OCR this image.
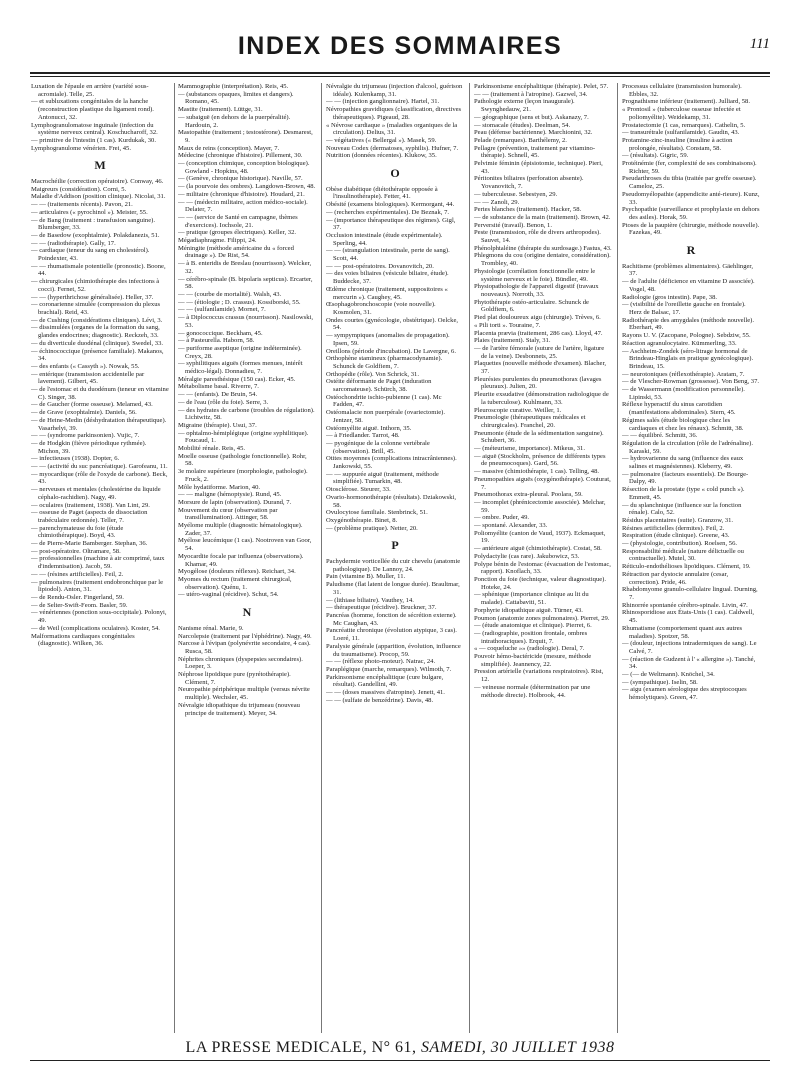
INDEX DES SOMMAIRES	111

Luxation de l'épaule en arrière (variété sous-acromiale). Telle, 25.

— et subluxations congénitales de la hanche (reconstruction plastique du ligament rond). Antonucci, 32.

Lymphogranulomatose inguinale (infection du système nerveux central). Koschucharoff, 32.

— primitive de l'intestin (1 cas). Kurdukak, 30.

Lymphogranulome vénérien. Frei, 45.

M

Macrochéilie (correction opératoire). Conway, 46.

Maigreurs (considération). Corni, 5.

Maladie d'Addison (position clinique). Nicolai, 31.

— — (traitements récents). Pavon, 21.

— articulaires (« pyrochinol »). Meister, 55.

— de Bang (traitement : transfusion sanguine). Blumberger, 33.

— de Basedow (exophtalmie). Polakdanezis, 51.

— — (radiothérapie). Gally, 17.

— cardiaque (teneur du sang en cholestérol). Poindexter, 43.

— — rhumatismale potentielle (pronostic). Boone, 44.

— chirurgicales (chimiothérapie des infections à cocci). Fernet, 52.

— — (hyperthrichose généralisée). Heller, 37.

— coronarienne simulée (compression du plexus brachial). Reid, 43.

— de Cushing (considérations cliniques). Lévi, 3.

— dissimulées (organes de la formation du sang, glandes endocrines; diagnostic). Reckzeh, 33.

— du diverticule duodénal (clinique). Swedel, 33.

— échinococcique (présence familiale). Makanos, 34.

— des enfants (« Cassyth »). Nowak, 55.

— entérique (transmission accidentelle par lavement). Gilbert, 45.

— de l'estomac et du duodénum (teneur en vitamine C). Singer, 38.

— de Gaucher (forme osseuse). Melamed, 43.

— de Grave (exophtalmie). Daniels, 56.

— de Heine-Medin (déshydratation thérapeutique). Vasarhelyi, 39.

— — (syndrome parkinsonien). Vujic, 7.

— de Hodgkin (fièvre périodique rythmée). Michon, 39.

— infectieuses (1938). Dopter, 6.

— — (activité du suc pancréatique). Garofeanu, 11.

— myocardique (rôle de l'oxyde de carbone). Beck, 43.

— nerveuses et mentales (cholestérine du liquide céphalo-rachidien). Nagy, 49.

— oculaires (traitement, 1938). Van Lint, 29.

— osseuse de Paget (aspects de dissociation trabéculaire ordonnée). Teller, 7.

— parenchymateuse du foie (étude chimiothérapique). Boyd, 43.

— de Pierre-Marie Bamberger. Stephan, 36.

— post-opératoire. Oltramare, 58.

— professionnelles (machine à air comprimé, taux d'indemnisation). Jacob, 59.

— — (résines artificielles). Feil, 2.

— pulmonaires (traitement endobronchique par le lipiodol). Anton, 31.

— de Rendu-Osler. Fingerland, 59.

— de Selter-Swift-Feom. Basler, 59.

— vénériennes (ponction sous-occipitale). Polonyi, 49.

— de Weil (complications oculaires). Koster, 54.

Malformations cardiaques congénitales (diagnostic). Wilken, 36.

Mammographie (interprétation). Reis, 45.

— (substances opaques, limites et dangers). Romano, 45.

Mastite (traitement). Lüttge, 31.

— subaiguë (en dehors de la puerpéralité). Hardouin, 2.

Mastopathie (traitement ; testostérone). Desmarest, 9.

Maux de reins (conception). Mayer, 7.

Médecine (chronique d'histoire). Pillement, 30.

— (conception chimique, conception biologique). Gowland - Hopkins, 48.

— (Genève, chronique historique). Naville, 57.

— (la pourvoie des ombres). Langdown-Brown, 48.

— militaire (chronique d'histoire). Houdard, 21.

— — (médecin militaire, action médico-sociale). Delater, 7.

— — (service de Santé en campagne, thèmes d'exercices). Iochsole, 21.

— pratique (groupes électriques). Keller, 32.

Mégadiaphragme. Filippi, 24.

Méningite (méthode américaine du « forced drainage »). De Rist, 54.

— à B. enteridis de Breslau (nourrisson). Welcker, 32.

— cérébro-spinale (B. bipolaris septicus). Ercarter, 58.

— — (courbe de mortalité). Walsh, 43.

— — (étiologie ; D. crassus). Kossiborski, 55.

— — (sulfanilamide). Mornet, 7.

— à Diplococcus crassus (nourrisson). Nasilowski, 53.

— gonococcique. Beckham, 45.

— à Pasteurella. Haborn, 58.

— puriforme aseptique (origine indéterminée). Creyx, 28.

— syphilitiques aiguës (formes menues, intérêt médico-légal). Donnadieu, 7.

Méralgie paresthésique (150 cas). Ecker, 45.

Métabolisme basal. Riverre, 7.

— — (enfants). De Bruin, 54.

— de l'eau (rôle du foie). Serre, 3.

— des hydrates de carbone (troubles de régulation). Lichtwitz, 58.

Migraine (thérapie). Usui, 37.

— ophtalmo-hémiplégique (origine syphilitique). Foucaud, 1.

Mobilité rénale. Reis, 45.

Moelle osseuse (pathologie fonctionnelle). Rohr, 58.

3e molaire supérieure (morphologie, pathologie). Fruck, 2.

Môle hydatiforme. Marion, 40.

— — maligne (hémoptysie). Rund, 45.

Morsure de lapin (observation). Durand, 7.

Mouvement du cœur (observation par transillumination). Attinger, 58.

Myélome multiple (diagnostic hématologique). Zader, 37.

Myélose leucémique (1 cas). Nootroven van Goor, 54.

Myocardite focale par influenza (observations). Khamar, 49.

Myogélose (douleurs réflexes). Reichart, 34.

Myomes du rectum (traitement chirurgical, observation). Quénu, 1.

— utéro-vaginal (récidive). Schut, 54.

N

Nanisme rénal. Marie, 9.

Narcolepsie (traitement par l'éphédrine). Nagy, 49.

Narcose à l'évipan (polynévrite secondaire, 4 cas). Rusca, 58.

Néphrites chroniques (dyspepsies secondaires). Loeper, 3.

Néphrose lipoïdique pure (pyrétothérapie). Clément, 7.

Neuropathie périphérique multiple (versus névrite multiple). Wechsler, 45.

Névralgie idiopathique du trijumeau (nouveau principe de traitement). Meyer, 34.

Névralgie du trijumeau (injection d'alcool, guérison idéale). Kulenkamp, 31.

— — (injection ganglionnaire). Hartel, 31.

Névropathies gravidiques (classification, directives thérapeutiques). Pigeaud, 28.

« Névrose cardiaque » (maladies organiques de la circulation). Delius, 31.

— végétatives (« Bellergal »). Masek, 59.

Nouveau Codex (dermatoses, syphilis). Hufner, 7.

Nutrition (données récentes). Klukow, 35.

O

Obèse diabétique (diétothérapie opposée à l'insulinothérapie). Fetter, 41.

Obésité (examens biologiques). Kermorgant, 44.

— (recherches expérimentales). De Beznak, 7.

— (importance thérapeutique des régimes). Gigl, 37.

Occlusion intestinale (étude expérimentale). Sperling, 44.

— — (strangulation intestinale, perte de sang). Scott, 44.

— — post-opératoires. Dovanovitch, 20.

— des voies biliaires (vésicule biliaire, étude). Buddecke, 37.

Œdème chronique (traitement, suppositoires « mercurin »). Caughey, 45.

Œsophagobronchoscopie (voie nouvelle). Kosmolen, 31.

Ondes courtes (gynécologie, obstétrique). Oelcke, 54.

— sympympiques (anomalies de propagation). Ipsen, 59.

Oreillons (période d'incubation). De Lavergne, 6.

Orthophène stamineux (pharmacodynamie). Schunck de Goldfiem, 7.

Orthopédie (rôle). Von Schrick, 31.

Ostéite déformante de Paget (induration sarcomateuse). Schürch, 38.

Ostéochondrite ischio-pubienne (1 cas). Mc Fadden, 47.

Ostéomalacie non puerpérale (ovariectomie). Jentzer, 58.

Ostéomyélite aiguë. Inthorn, 35.

— à Friedlander. Tarrot, 48.

— pyogénique de la colonne vertébrale (observation). Brill, 45.

Otites moyennes (complications intracrâniennes). Jankowski, 55.

— — suppurée aiguë (traitement, méthode simplifiée). Tumarkin, 48.

Otosclérose. Steurer, 33.

Ovario-hormonothérapie (résultats). Dziakowski, 58.

Ovulocytose familiale. Stenbrinck, 51.

Oxygénothérapie. Binet, 8.

— (problème pratique). Netter, 20.

P

Pachydermie vorticellée du cuir chevelu (anatomie pathologique). De Lannoy, 24.

Pain (vitamine B). Muller, 11.

Paludisme (flat latent de longue durée). Braultmar, 31.

— (lithiase biliaire). Vauthey, 14.

— thérapeutique (récidive). Bruckner, 37.

Pancréas (homme, fonction de sécrétion externe). Mc Caughan, 43.

Pancréatite chronique (évolution atypique, 3 cas). Loeré, 11.

Paralysie générale (apparition, évolution, influence du traumatisme). Procop, 59.

— — (réflexe photo-moteur). Natrac, 24.

Paraplégique (marche, remarques). Wilmoth, 7.

Parkinsonisme encéphalitique (cure bulgare, résultat). Gandellini, 49.

— — (doses massives d'atropine). Jenett, 41.

— — (sulfate de benzédrine). Davis, 48.

Parkinsonisme encéphalitique (thérapie). Pelet, 57.

— — (traitement à l'atropine). Gazwel, 34.

Pathologie externe (leçon inaugurale). Swynghedauw, 21.

— géographique (sens et but). Askanazy, 7.

— stomacale (études). Deelman, 54.

Peau (défense bactérienne). Marchionini, 32.

Pelade (remarques). Barthélemy, 2.

Pellagre (prévention, traitement par vitamino-thérapie). Schnell, 45.

Pelvimie féminin (épisiotomie, technique). Pieri, 43.

Péritonites biliaires (perforation absente). Yovanovitch, 7.

— tuberculeuse. Sebestyen, 29.

— — Zanoli, 29.

Pertes blanches (traitement). Hacker, 58.

— de substance de la main (traitement). Brown, 42.

Perversité (travail). Benon, 1.

Peste (transmission, rôle de divers arthropodes). Sauvet, 14.

Phénolphtaléine (thérapie du surdosage.) Fastus, 43.

Phlegmons du cou (origine dentaire, considération). Trombley, 40.

Physiologie (corrélation fonctionnelle entre le système nerveux et le foie). Bündler, 49.

Physiopathologie de l'appareil digestif (travaux nouveaux). Norroth, 33.

Phytothérapie ostéo-articulaire. Schunck de Goldfiem, 6.

Pied plat douloureux aigu (chirurgie). Trèves, 6.

« Pili torti ». Touraine, 7.

Placenta prævia (traitement, 286 cas). Lloyd, 47.

Plaies (traitement). Staly, 31.

— de l'artère fémorale (suture de l'artère, ligature de la veine). Desbonnets, 25.

Plaquettes (nouvelle méthode d'examen). Blacher, 37.

Pleurésies purulentes du pneumothorax (lavages pleuraux). Julien, 20.

Pleurite exsudative (démonstration radiologique de la tuberculose). Kuhlmann, 33.

Pleuroscopie curative. Weiller, 1.

Pneumologie (thérapeutiques médicales et chirurgicales). Franchel, 20.

Pneumonie (étude de la sédimentation sanguine). Schubert, 36.

— (méteurisme, importance). Mikeus, 31.

— aiguë (Stockholm, présence de différents types de pneumocoques). Gard, 56.

— massive (chimiothérapie, 1 cas). Telling, 48.

Pneumopathies aiguës (oxygénothérapie). Couturat, 7.

Pneumothorax extra-pleural. Poolara, 59.

— incomplet (phrénicectomie associée). Melchar, 59.

— ombre. Puder, 49.

— spontané. Alexander, 33.

Poliomyélite (canton de Vaud, 1937). Eckmaquet, 19.

— antérieure aiguë (chimiothérapie). Costat, 58.

Polydactylie (cas rare). Jakubowicz, 53.

Polype bénin de l'estomac (évacuation de l'estomac, rapport). Knoflach, 33.

Ponction du foie (technique, valeur diagnostique). Hoteke, 24.

— sphénique (importance clinique au lit du malade). Cattabaviti, 51.

Porphyrie idiopathique aiguë. Türner, 43.

Poumon (anatomie zones pulmonaires). Pierret, 29.

— (étude anatomique et clinique). Pierret, 6.

— (radiographie, position frontale, ombres intrathoraciques). Erquit, 7.

« — coqueluche »» (radiologie). Deral, 7.

Pouvoir hémo-bactéricide (mesure, méthode simplifiée). Jeannency, 22.

Pression artérielle (variations respiratoires). Rist, 12.

— veineuse normale (détermination par une méthode directe). Holbrook, 44.

Processus cellulaire (transmission humorale). Ebbles, 32.

Prognathisme inférieur (traitement). Julliard, 58.

« Prontosil » (tuberculose osseuse infectée et poliomyélite). Weidekamp, 31.

Prostatectomie (1 cas, remarques). Cathelin, 5.

— transurétrale (sulfanilamide). Gaudin, 43.

Protamine-zinc-insuline (insuline à action prolongée, résultats). Constam, 58.

— (résultats). Gigric, 59.

Protéinémie (fer, complexité de ses combinaisons). Richter, 59.

Pseudarthroses du tibia (traitée par greffe osseuse). Cameloz, 25.

Pseudomyélopathie (appendicite anté-rieure). Kunz, 33.

Psychopathie (surveillance et prophylaxie en dehors des asiles). Horak, 59.

Ptoses de la paupière (chirurgie, méthode nouvelle). Fazekas, 49.

R

Rachitisme (problèmes alimentaires). Gäehlinger, 37.

— de l'adulte (déficience en vitamine D associée). Vogel, 48.

Radiologie (gros intestin). Pape, 38.

— (visibilité de l'oreillette gauche en frontale). Herz de Balsac, 17.

Radiothérapie des amygdales (méthode nouvelle). Eberhart, 49.

Rayons U. V. (Zacopane, Pologne). Sebdziw, 55.

Réaction agranulocytaire. Kümmerling, 33.

— Aschheim-Zondek (séro-litrage hormonal de Brindeau-Hinglais en pratique gynécologique). Brindeau, 15.

— neurotoniques (réflexothérapie). Aratam, 7.

— de Vlescher-Rowman (grossesse). Von Beng, 37.

— de Wassermann (modification personnelle). Lipinski, 53.

Réflexe hyperactif du sinus carotidien (manifestations abdominales). Stern, 45.

Régimes salés (étude biologique chez les cardiaques et chez les rénaux). Schmitt, 38.

— — équilibré. Schmitt, 36.

Régulation de la circulation (rôle de l'adrénaline). Karaski, 59.

— hydrovarienne du sang (influence des eaux salines et magnésiennes). Kleberry, 49.

— pulmonaire (facteurs essentiels). De Bourge-Dalpy, 49.

Résection de la prostate (type « cold punch »). Emmett, 45.

— du splanchnique (influence sur la fonction rénale). Calo, 52.

Résidus placentaires (suite). Granzow, 31.

Résines artificielles (dermites). Feil, 2.

Respiration (étude clinique). Greene, 43.

— (physiologie, contribution). Roelsen, 56.

Responsabilité médicale (nature délictuelle ou contractuelle). Mutel, 30.

Réticulo-endothélioses lipoïdiques. Clément, 19.

Rétraction par dystocie annulaire (cesar, correction). Pride, 46.

Rhabdomyome granulo-cellulaire lingual. Durning, 7.

Rhinorrée spontanée cérébro-spinale. Livin, 47.

Rhinosporidiose aux États-Unis (1 cas). Caldwell, 45.

Rhumatisme (comportement quant aux autres maladies). Spotzer, 58.

— (douleur, injections intradermiques de sang). Le Calvé, 7.

— (réaction de Gudzent à l' « allergine »). Tanché, 34.

— (— de Weltmann). Knöchel, 34.

— (sympathique). Iselin, 58.

— aigu (examen sérologique des streptocoques hémolytiques). Green, 47.

LA PRESSE MEDICALE, N° 61, SAMEDI, 30 JUILLET 1938
